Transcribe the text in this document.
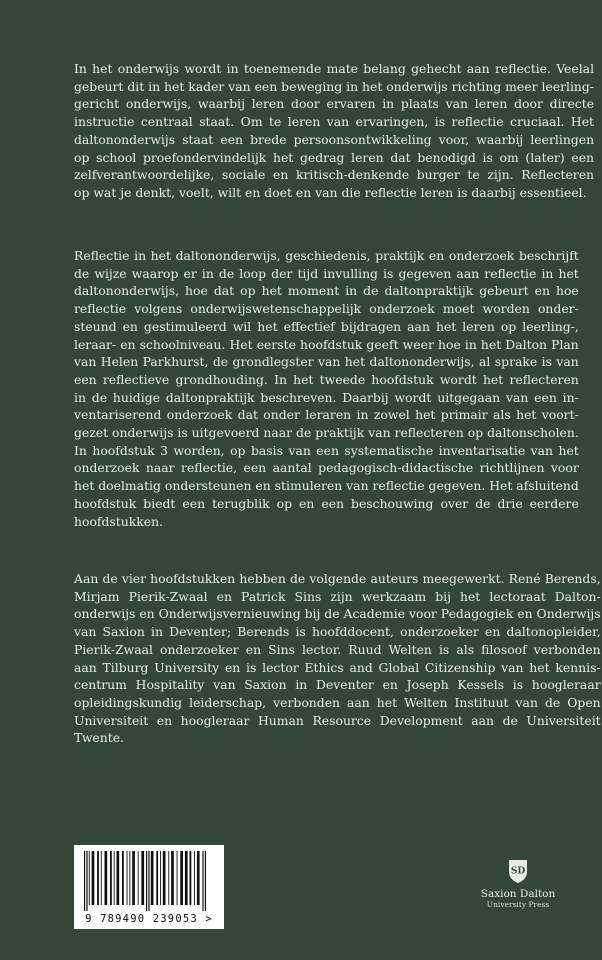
In het onderwijs wordt in toenemende mate belang gehecht aan reflectie. Veelal
gebeurt dit in het kader van een beweging in het onderwijs richting meer leerling-
gericht onderwijs, waarbij leren door ervaren in plaats van leren door directe
instructie centraal staat. Om te leren van ervaringen, is reflectie cruciaal. Het
daltononderwijs staat een brede persoonsontwikkeling voor, waarbij leerlingen
op school proefondervindelijk het gedrag leren dat benodigd is om (later) een
zelfverantwoordelijke, sociale en kritisch-denkende burger te zijn. Reflecteren
op wat je denkt, voelt, wilt en doet en van die reflectie leren is daarbij essentieel.

Reflectie in het daltononderwijs, geschiedenis, praktijk en onderzoek beschrijft
de wijze waarop er in de loop der tijd invulling is gegeven aan reflectie in het
daltononderwijs, hoe dat op het moment in de daltonpraktijk gebeurt en hoe
reflectie volgens onderwijswetenschappelijk onderzoek moet worden onder-
steund en gestimuleerd wil het effectief bijdragen aan het leren op leerling-,
leraar- en schoolniveau. Het eerste hoofdstuk geeft weer hoe in het Dalton Plan
van Helen Parkhurst, de grondlegster van het daltononderwijs, al sprake is van
een reflectieve grondhouding. In het tweede hoofdstuk wordt het reflecteren
in de huidige daltonpraktijk beschreven. Daarbij wordt uitgegaan van een in-
ventariserend onderzoek dat onder leraren in zowel het primair als het voort-
gezet onderwijs is uitgevoerd naar de praktijk van reflecteren op daltonscholen.
In hoofdstuk 3 worden, op basis van een systematische inventarisatie van het
onderzoek naar reflectie, een aantal pedagogisch-didactische richtlijnen voor
het doelmatig ondersteunen en stimuleren van reflectie gegeven. Het afsluitend
hoofdstuk biedt een terugblik op en een beschouwing over de drie eerdere
hoofdstukken.

Aan de vier hoofdstukken hebben de volgende auteurs meegewerkt. René Berends,
Mirjam Pierik-Zwaal en Patrick Sins zijn werkzaam bij het lectoraat Dalton-
onderwijs en Onderwijsvernieuwing bij de Academie voor Pedagogiek en Onderwijs
van Saxion in Deventer; Berends is hoofddocent, onderzoeker en daltonopleider,
Pierik-Zwaal onderzoeker en Sins lector. Ruud Welten is als filosoof verbonden
aan Tilburg University en is lector Ethics and Global Citizenship van het kennis-
centrum Hospitality van Saxion in Deventer en Joseph Kessels is hoogleraar
opleidingskundig leiderschap, verbonden aan het Welten Instituut van de Open
Universiteit en hoogleraar Human Resource Development aan de Universiteit
Twente.

9 789490 239053 >
SD
Saxion Dalton
University Press
